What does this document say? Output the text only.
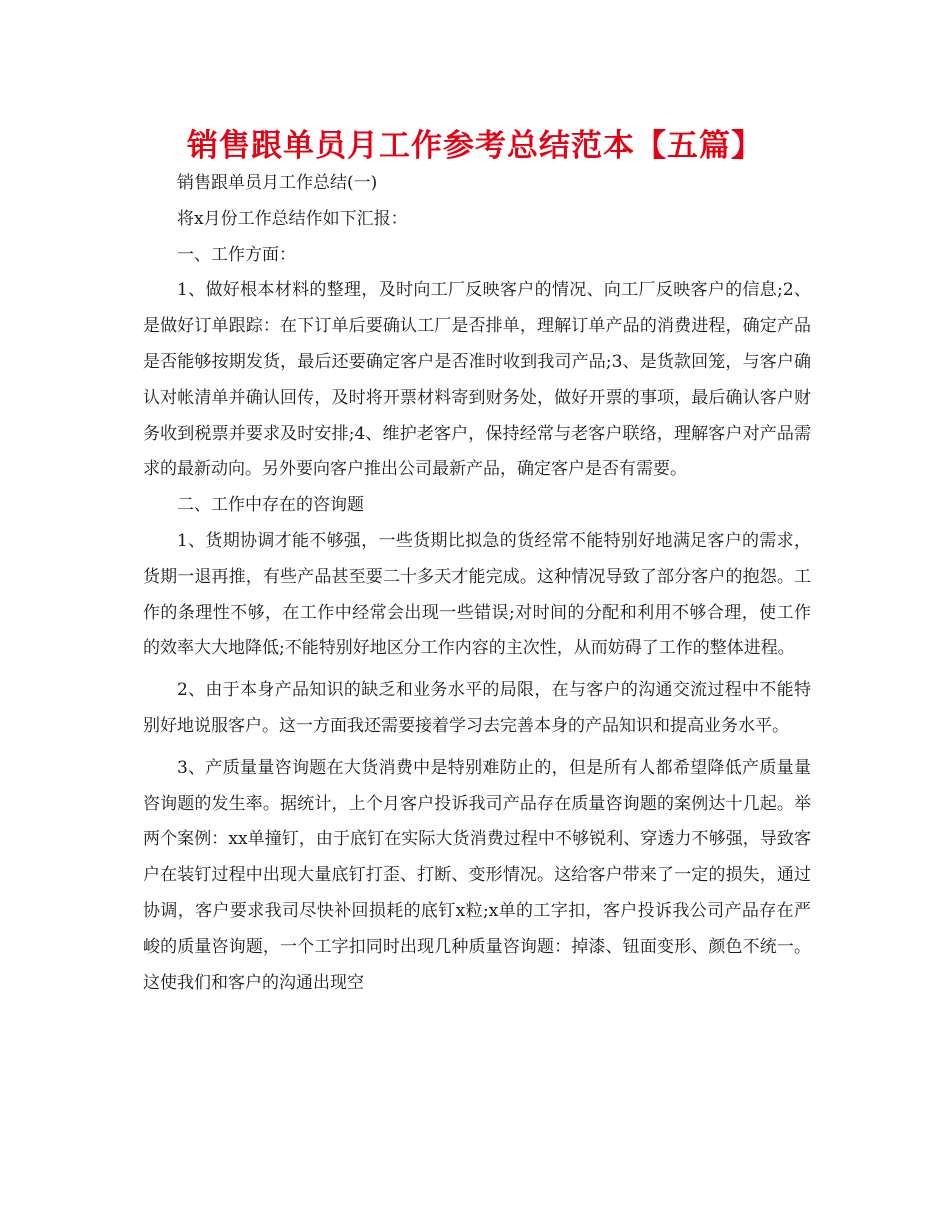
销售跟单员月工作参考总结范本【五篇】

销售跟单员月工作总结(一)

将x月份工作总结作如下汇报：

一、工作方面：

1、做好根本材料的整理，及时向工厂反映客户的情况、向工厂反映客户的信息;2、是做好订单跟踪：在下订单后要确认工厂是否排单，理解订单产品的消费进程，确定产品是否能够按期发货，最后还要确定客户是否准时收到我司产品;3、是货款回笼，与客户确认对帐清单并确认回传，及时将开票材料寄到财务处，做好开票的事项，最后确认客户财务收到税票并要求及时安排;4、维护老客户，保持经常与老客户联络，理解客户对产品需求的最新动向。另外要向客户推出公司最新产品，确定客户是否有需要。

二、工作中存在的咨询题

1、货期协调才能不够强，一些货期比拟急的货经常不能特别好地满足客户的需求，货期一退再推，有些产品甚至要二十多天才能完成。这种情况导致了部分客户的抱怨。工作的条理性不够，在工作中经常会出现一些错误;对时间的分配和利用不够合理，使工作的效率大大地降低;不能特别好地区分工作内容的主次性，从而妨碍了工作的整体进程。

2、由于本身产品知识的缺乏和业务水平的局限，在与客户的沟通交流过程中不能特别好地说服客户。这一方面我还需要接着学习去完善本身的产品知识和提高业务水平。

3、产质量量咨询题在大货消费中是特别难防止的，但是所有人都希望降低产质量量咨询题的发生率。据统计，上个月客户投诉我司产品存在质量咨询题的案例达十几起。举两个案例：xx单撞钉，由于底钉在实际大货消费过程中不够锐利、穿透力不够强，导致客户在装钉过程中出现大量底钉打歪、打断、变形情况。这给客户带来了一定的损失，通过协调，客户要求我司尽快补回损耗的底钉x粒;x单的工字扣，客户投诉我公司产品存在严峻的质量咨询题，一个工字扣同时出现几种质量咨询题：掉漆、钮面变形、颜色不统一。这使我们和客户的沟通出现空
